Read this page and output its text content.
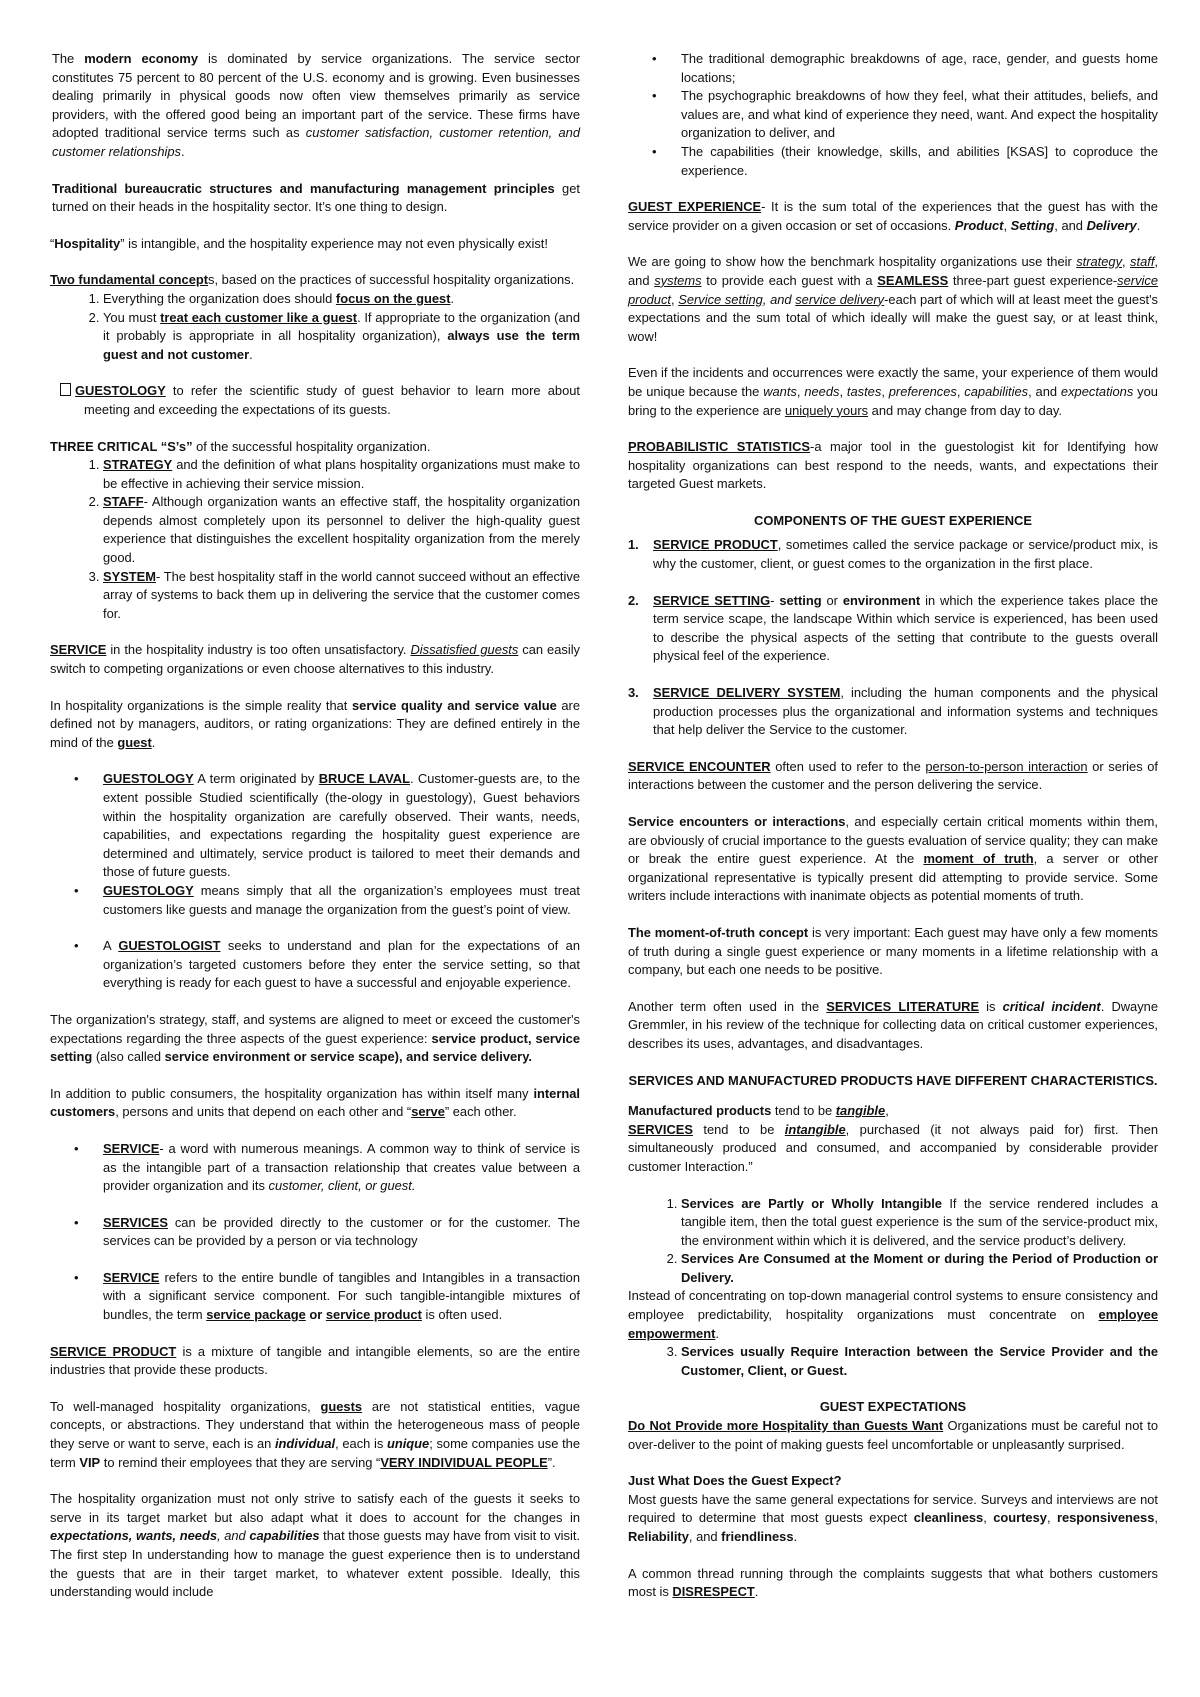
The modern economy is dominated by service organizations. The service sector constitutes 75 percent to 80 percent of the U.S. economy and is growing. Even businesses dealing primarily in physical goods now often view themselves primarily as service providers, with the offered good being an important part of the service. These firms have adopted traditional service terms such as customer satisfaction, customer retention, and customer relationships.

Traditional bureaucratic structures and manufacturing management principles get turned on their heads in the hospitality sector. It’s one thing to design.

“Hospitality” is intangible, and the hospitality experience may not even physically exist!

Two fundamental concepts, based on the practices of successful hospitality organizations.

1. Everything the organization does should focus on the guest.
2. You must treat each customer like a guest. If appropriate to the organization (and it probably is appropriate in all hospitality organization), always use the term guest and not customer.

GUESTOLOGY to refer the scientific study of guest behavior to learn more about meeting and exceeding the expectations of its guests.

THREE CRITICAL “S’s” of the successful hospitality organization.

1. STRATEGY and the definition of what plans hospitality organizations must make to be effective in achieving their service mission.
2. STAFF- Although organization wants an effective staff, the hospitality organization depends almost completely upon its personnel to deliver the high-quality guest experience that distinguishes the excellent hospitality organization from the merely good.
3. SYSTEM- The best hospitality staff in the world cannot succeed without an effective array of systems to back them up in delivering the service that the customer comes for.

SERVICE in the hospitality industry is too often unsatisfactory. Dissatisfied guests can easily switch to competing organizations or even choose alternatives to this industry.

In hospitality organizations is the simple reality that service quality and service value are defined not by managers, auditors, or rating organizations: They are defined entirely in the mind of the guest.

• GUESTOLOGY A term originated by BRUCE LAVAL. Customer-guests are, to the extent possible Studied scientifically (the-ology in guestology), Guest behaviors within the hospitality organization are carefully observed. Their wants, needs, capabilities, and expectations regarding the hospitality guest experience are determined and ultimately, service product is tailored to meet their demands and those of future guests.
• GUESTOLOGY means simply that all the organization’s employees must treat customers like guests and manage the organization from the guest’s point of view.
• A GUESTOLOGIST seeks to understand and plan for the expectations of an organization’s targeted customers before they enter the service setting, so that everything is ready for each guest to have a successful and enjoyable experience.

The organization's strategy, staff, and systems are aligned to meet or exceed the customer's expectations regarding the three aspects of the guest experience: service product, service setting (also called service environment or service scape), and service delivery.

In addition to public consumers, the hospitality organization has within itself many internal customers, persons and units that depend on each other and “serve” each other.

• SERVICE- a word with numerous meanings. A common way to think of service is as the intangible part of a transaction relationship that creates value between a provider organization and its customer, client, or guest.
• SERVICES can be provided directly to the customer or for the customer. The services can be provided by a person or via technology
• SERVICE refers to the entire bundle of tangibles and Intangibles in a transaction with a significant service component. For such tangible-intangible mixtures of bundles, the term service package or service product is often used.

SERVICE PRODUCT is a mixture of tangible and intangible elements, so are the entire industries that provide these products.

To well-managed hospitality organizations, guests are not statistical entities, vague concepts, or abstractions. They understand that within the heterogeneous mass of people they serve or want to serve, each is an individual, each is unique; some companies use the term VIP to remind their employees that they are serving “VERY INDIVIDUAL PEOPLE”.

The hospitality organization must not only strive to satisfy each of the guests it seeks to serve in its target market but also adapt what it does to account for the changes in expectations, wants, needs, and capabilities that those guests may have from visit to visit. The first step In understanding how to manage the guest experience then is to understand the guests that are in their target market, to whatever extent possible. Ideally, this understanding would include

• The traditional demographic breakdowns of age, race, gender, and guests home locations;
• The psychographic breakdowns of how they feel, what their attitudes, beliefs, and values are, and what kind of experience they need, want. And expect the hospitality organization to deliver, and
• The capabilities (their knowledge, skills, and abilities [KSAS] to coproduce the experience.

GUEST EXPERIENCE- It is the sum total of the experiences that the guest has with the service provider on a given occasion or set of occasions. Product, Setting, and Delivery.

We are going to show how the benchmark hospitality organizations use their strategy, staff, and systems to provide each guest with a SEAMLESS three-part guest experience-service product, Service setting, and service delivery-each part of which will at least meet the guest's expectations and the sum total of which ideally will make the guest say, or at least think, wow!

Even if the incidents and occurrences were exactly the same, your experience of them would be unique because the wants, needs, tastes, preferences, capabilities, and expectations you bring to the experience are uniquely yours and may change from day to day.

PROBABILISTIC STATISTICS-a major tool in the guestologist kit for Identifying how hospitality organizations can best respond to the needs, wants, and expectations their targeted Guest markets.

COMPONENTS OF THE GUEST EXPERIENCE
1. SERVICE PRODUCT, sometimes called the service package or service/product mix, is why the customer, client, or guest comes to the organization in the first place.
2. SERVICE SETTING- setting or environment in which the experience takes place the term service scape, the landscape Within which service is experienced, has been used to describe the physical aspects of the setting that contribute to the guests overall physical feel of the experience.
3. SERVICE DELIVERY SYSTEM, including the human components and the physical production processes plus the organizational and information systems and techniques that help deliver the Service to the customer.

SERVICE ENCOUNTER often used to refer to the person-to-person interaction or series of interactions between the customer and the person delivering the service.

Service encounters or interactions, and especially certain critical moments within them, are obviously of crucial importance to the guests evaluation of service quality; they can make or break the entire guest experience. At the moment of truth, a server or other organizational representative is typically present did attempting to provide service. Some writers include interactions with inanimate objects as potential moments of truth.

The moment-of-truth concept is very important: Each guest may have only a few moments of truth during a single guest experience or many moments in a lifetime relationship with a company, but each one needs to be positive.

Another term often used in the SERVICES LITERATURE is critical incident. Dwayne Gremmler, in his review of the technique for collecting data on critical customer experiences, describes its uses, advantages, and disadvantages.

SERVICES AND MANUFACTURED PRODUCTS HAVE DIFFERENT CHARACTERISTICS.

Manufactured products tend to be tangible,

SERVICES tend to be intangible, purchased (it not always paid for) first. Then simultaneously produced and consumed, and accompanied by considerable provider customer Interaction.”

1. Services are Partly or Wholly Intangible If the service rendered includes a tangible item, then the total guest experience is the sum of the service-product mix, the environment within which it is delivered, and the service product’s delivery.
2. Services Are Consumed at the Moment or during the Period of Production or Delivery.

Instead of concentrating on top-down managerial control systems to ensure consistency and employee predictability, hospitality organizations must concentrate on employee empowerment.

3. Services usually Require Interaction between the Service Provider and the Customer, Client, or Guest.
GUEST EXPECTATIONS

Do Not Provide more Hospitality than Guests Want Organizations must be careful not to over-deliver to the point of making guests feel uncomfortable or unpleasantly surprised.

Just What Does the Guest Expect?

Most guests have the same general expectations for service. Surveys and interviews are not required to determine that most guests expect cleanliness, courtesy, responsiveness, Reliability, and friendliness.

A common thread running through the complaints suggests that what bothers customers most is DISRESPECT.
